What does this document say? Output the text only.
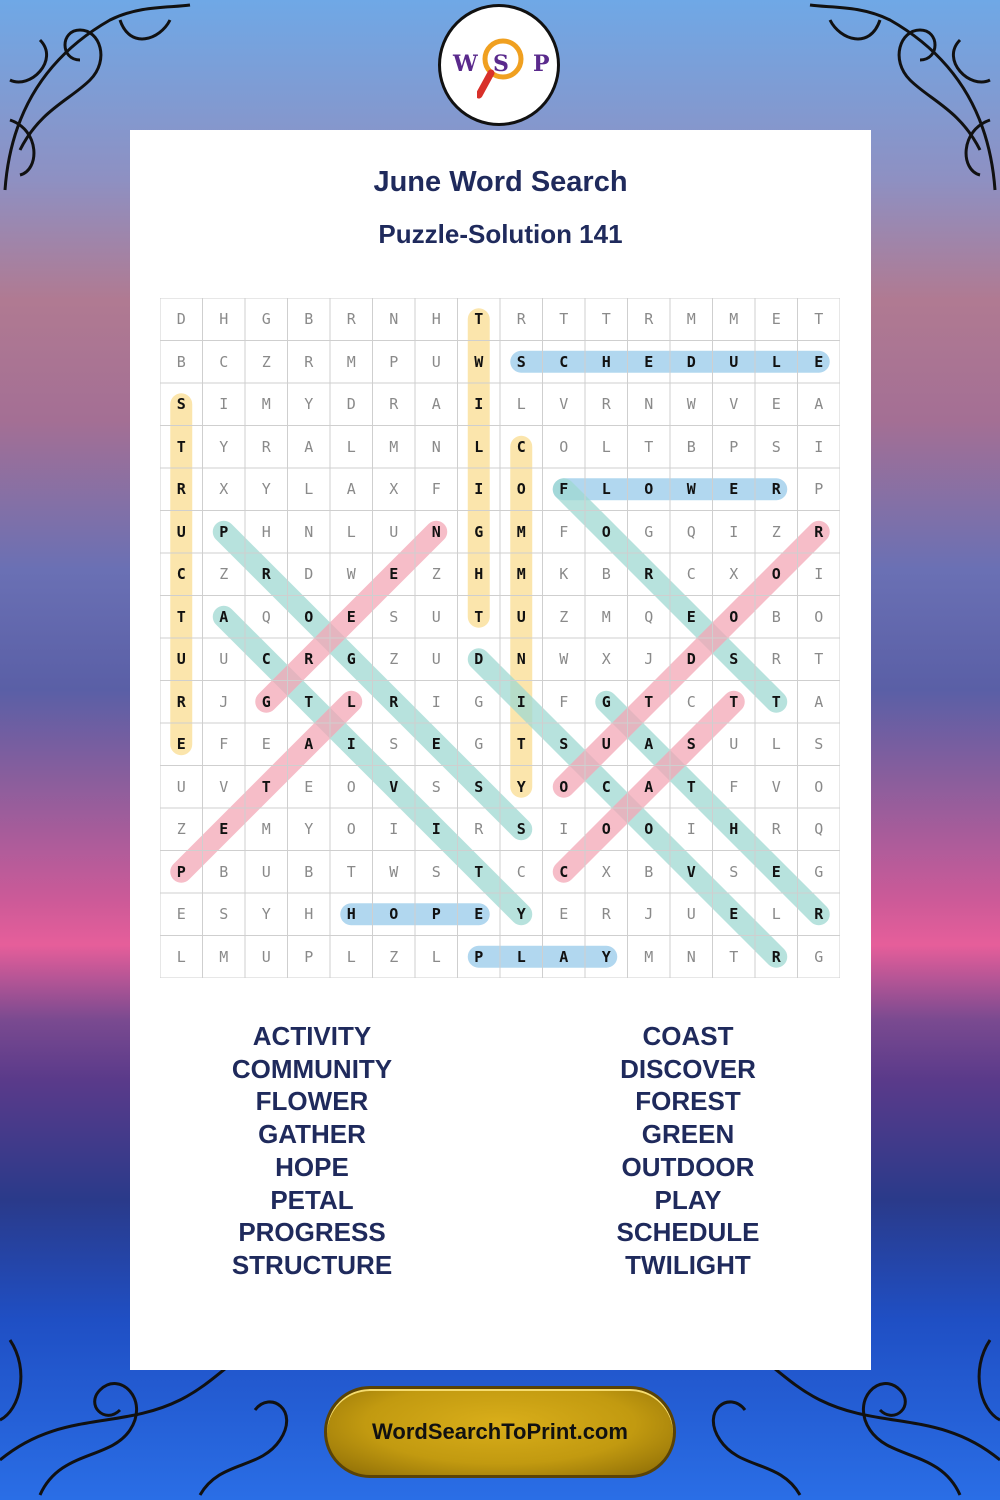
W S P
June Word Search
Puzzle-Solution 141
D	H	G	B	R	N	H	T	R	T	T	R	M	M	E	T
B	C	Z	R	M	P	U	W	S	C	H	E	D	U	L	E
S	I	M	Y	D	R	A	I	L	V	R	N	W	V	E	A
T	Y	R	A	L	M	N	L	C	O	L	T	B	P	S	I
R	X	Y	L	A	X	F	I	O	F	L	O	W	E	R	P
U	P	H	N	L	U	N	G	M	F	O	G	Q	I	Z	R
C	Z	R	D	W	E	Z	H	M	K	B	R	C	X	O	I
T	A	Q	O	E	S	U	T	U	Z	M	Q	E	O	B	O
U	U	C	R	G	Z	U	D	N	W	X	J	D	S	R	T
R	J	G	T	L	R	I	G	I	F	G	T	C	T	T	A
E	F	E	A	I	S	E	G	T	S	U	A	S	U	L	S
U	V	T	E	O	V	S	S	Y	O	C	A	T	F	V	O
Z	E	M	Y	O	I	I	R	S	I	O	O	I	H	R	Q
P	B	U	B	T	W	S	T	C	C	X	B	V	S	E	G
E	S	Y	H	H	O	P	E	Y	E	R	J	U	E	L	R
L	M	U	P	L	Z	L	P	L	A	Y	M	N	T	R	G
ACTIVITY
COMMUNITY
FLOWER
GATHER
HOPE
PETAL
PROGRESS
STRUCTURE
COAST
DISCOVER
FOREST
GREEN
OUTDOOR
PLAY
SCHEDULE
TWILIGHT
WordSearchToPrint.com
